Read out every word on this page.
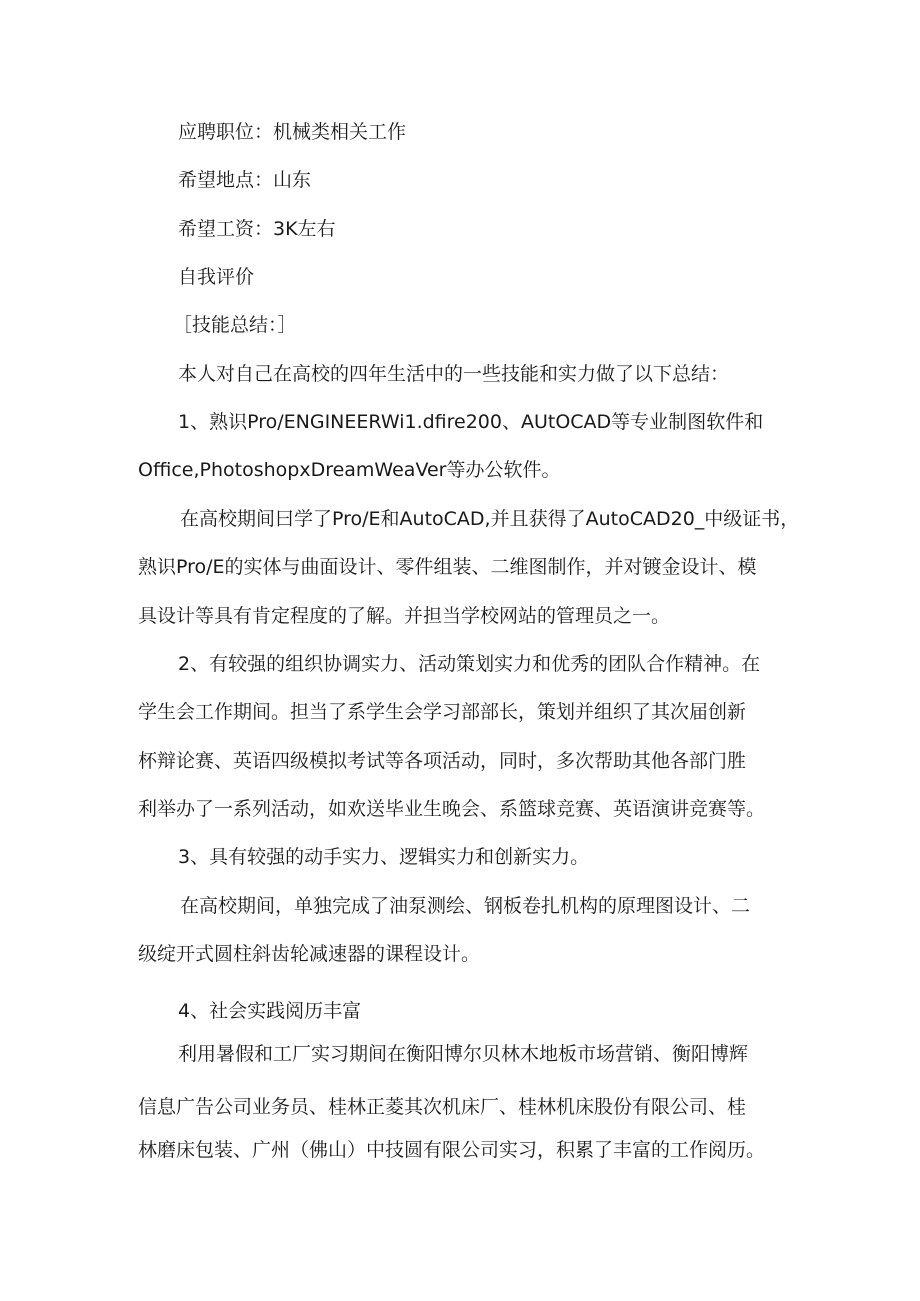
应聘职位：机械类相关工作

希望地点：山东

希望工资：3K左右

自我评价

［技能总结：］

本人对自己在高校的四年生活中的一些技能和实力做了以下总结：

1、熟识Pro/ENGINEERWi1.dfire200、AUtOCAD等专业制图软件和

Office,PhotoshopxDreamWeaVer等办公软件。

在高校期间曰学了Pro/E和AutoCAD,并且获得了AutoCAD20_中级证书，

熟识Pro/E的实体与曲面设计、零件组装、二维图制作，并对镀金设计、模

具设计等具有肯定程度的了解。并担当学校网站的管理员之一。

2、有较强的组织协调实力、活动策划实力和优秀的团队合作精神。在

学生会工作期间。担当了系学生会学习部部长，策划并组织了其次届创新

杯辩论赛、英语四级模拟考试等各项活动，同时，多次帮助其他各部门胜

利举办了一系列活动，如欢送毕业生晚会、系篮球竞赛、英语演讲竞赛等。

3、具有较强的动手实力、逻辑实力和创新实力。

在高校期间，单独完成了油泵测绘、钢板卷扎机构的原理图设计、二

级绽开式圆柱斜齿轮减速器的课程设计。

4、社会实践阅历丰富

利用暑假和工厂实习期间在衡阳博尔贝林木地板市场营销、衡阳博辉

信息广告公司业务员、桂林正菱其次机床厂、桂林机床股份有限公司、桂

林磨床包装、广州（佛山）中技圆有限公司实习，积累了丰富的工作阅历。
